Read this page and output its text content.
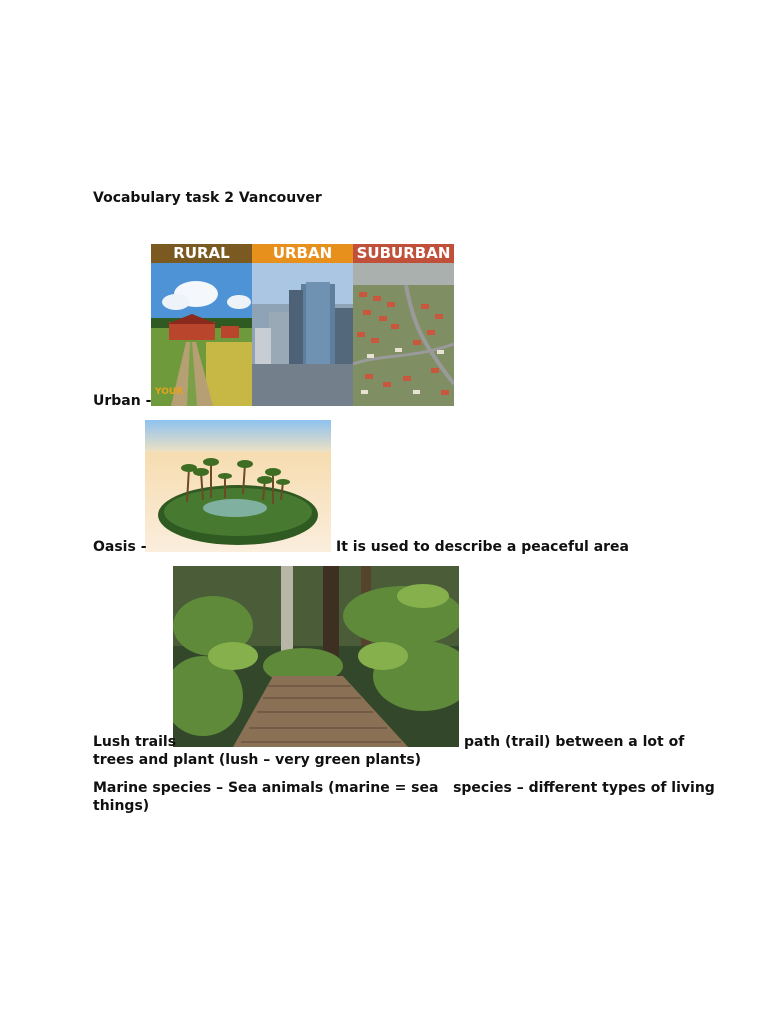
Vocabulary task 2 Vancouver
RURAL	URBAN	SUBURBAN
YOUR
Urban -
Oasis -	It is used to describe a peaceful area
Lush trails	path (trail) between a lot of
trees and plant (lush – very green plants)
Marine species – Sea animals (marine = sea   species – different types of living
things)
